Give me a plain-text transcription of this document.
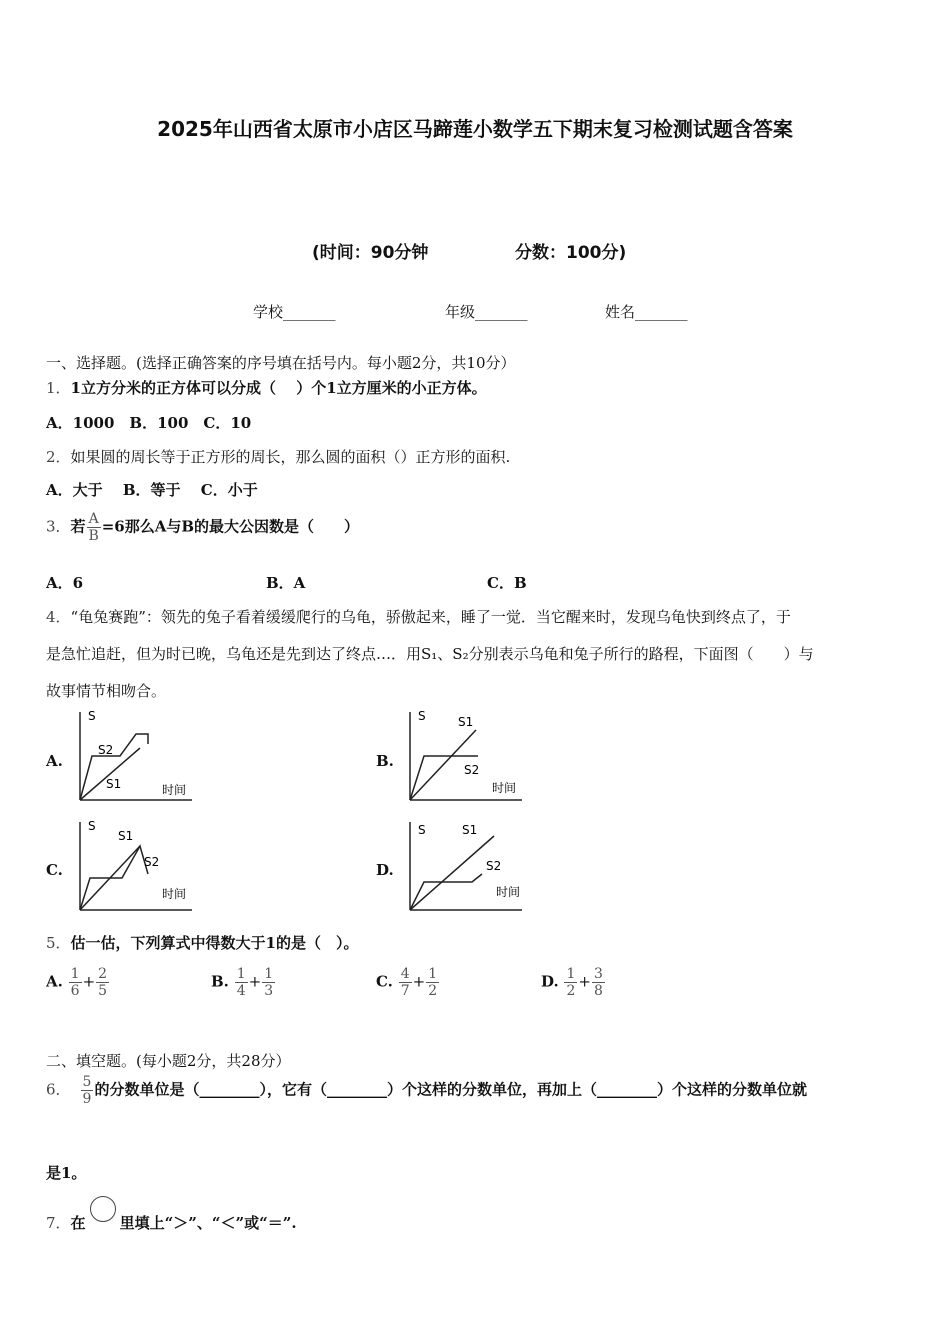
2025年山西省太原市小店区马蹄莲小数学五下期末复习检测试题含答案
(时间：90分钟	分数：100分)
学校_______	年级_______	姓名_______
一、选择题。(选择正确答案的序号填在括号内。每小题2分，共10分）
1．1立方分米的正方体可以分成（　 ）个1立方厘米的小正方体。
A．1000　B．100　C．10
2．如果圆的周长等于正方形的周长，那么圆的面积（）正方形的面积.
A．大于　 B．等于　 C．小于
3．若 $\frac{A}{B} =6$那么A与B的最大公因数是（　　）
A．6	B．A	C．B
4．“龟兔赛跑”：领先的兔子看着缓缓爬行的乌龟，骄傲起来，睡了一觉．当它醒来时，发现乌龟快到终点了，于
是急忙追赶，但为时已晚，乌龟还是先到达了终点…．用S₁、S₂分别表示乌龟和兔子所行的路程，下面图（　　）与
故事情节相吻合。
A.	B.
C.	D.
S
S2
S1	时间
S	S1
S2
时间
S
S1
S2
时间
S	S1
S2
时间
5．估一估，下列算式中得数大于1的是（　）。
A. $\frac{1}{6} + \frac{2}{5}$	B. $\frac{1}{4} + \frac{1}{3}$	C. $\frac{4}{7} + \frac{1}{2}$	D. $\frac{1}{2} + \frac{3}{8}$
二、填空题。(每小题2分，共28分）
6． $\frac{5}{9}$ 的分数单位是（________），它有（________）个这样的分数单位，再加上（________）个这样的分数单位就
是1。
7．在 里填上“＞”、“＜”或“＝”.
